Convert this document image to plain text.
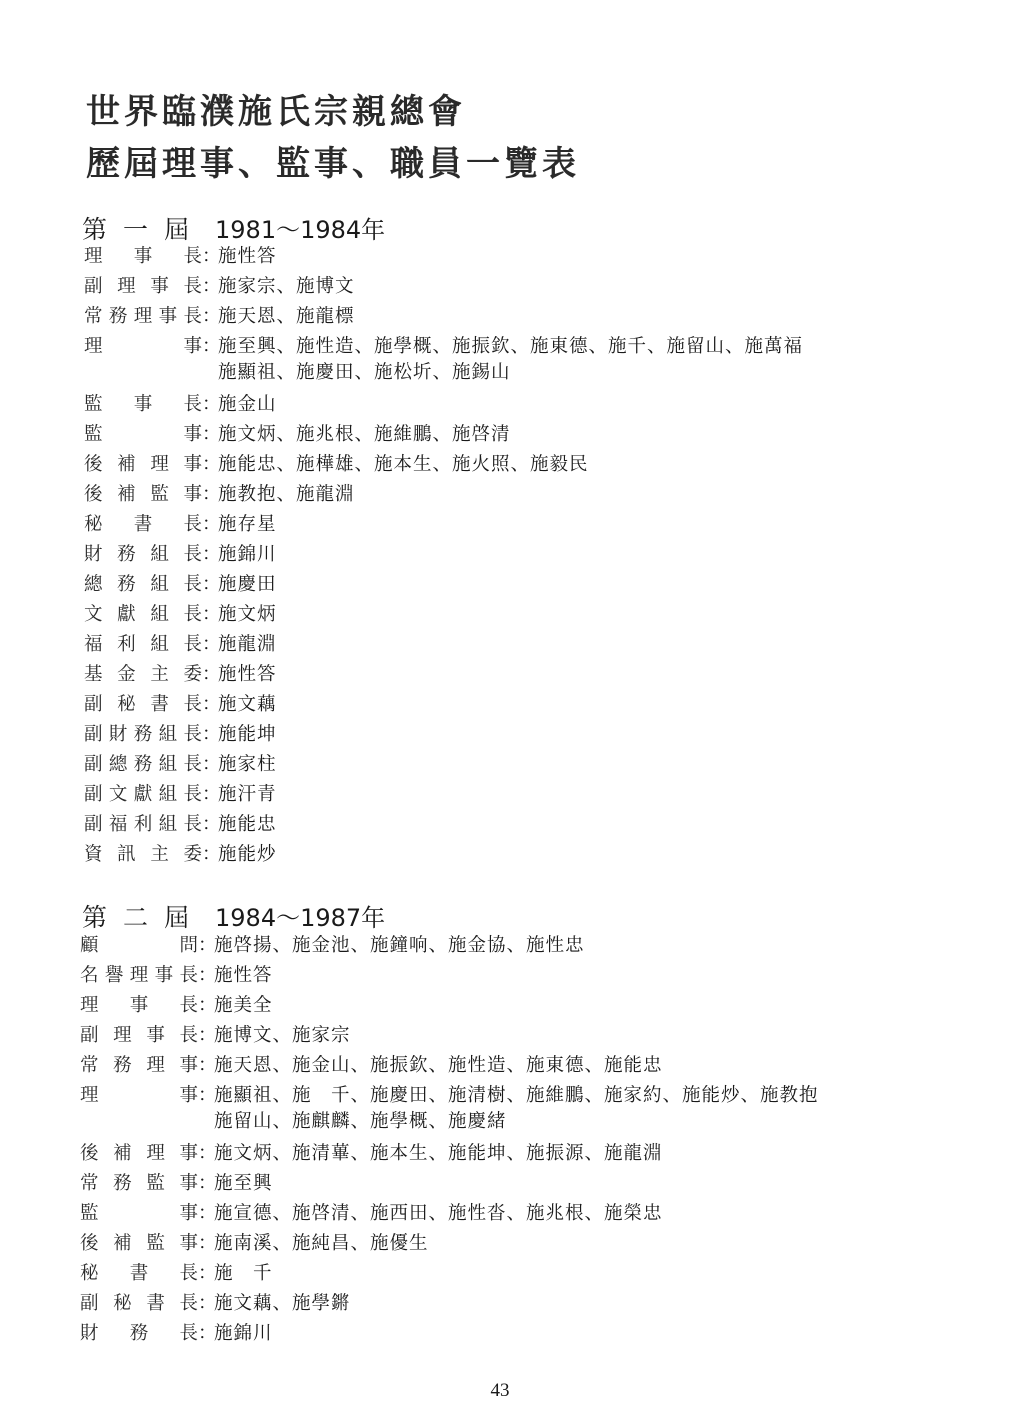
世界臨濮施氏宗親總會
歷屆理事、監事、職員一覽表
第一屆 1981～1984年
理事長：施性答
副理事長：施家宗、施博文
常務理事長：施天恩、施龍標
理事：施至興、施性造、施學概、施振欽、施東德、施千、施留山、施萬福
施顯祖、施慶田、施松圻、施錫山
監事長：施金山
監事：施文炳、施兆根、施維鵬、施啓清
後補理事：施能忠、施樺雄、施本生、施火照、施毅民
後補監事：施教抱、施龍淵
秘書長：施存星
財務組長：施錦川
總務組長：施慶田
文獻組長：施文炳
福利組長：施龍淵
基金主委：施性答
副秘書長：施文藕
副財務組長：施能坤
副總務組長：施家柱
副文獻組長：施汗青
副福利組長：施能忠
資訊主委：施能炒
第二屆 1984～1987年
顧問：施啓揚、施金池、施鐘响、施金協、施性忠
名譽理事長：施性答
理事長：施美全
副理事長：施博文、施家宗
常務理事：施天恩、施金山、施振欽、施性造、施東德、施能忠
理事：施顯祖、施　千、施慶田、施清樹、施維鵬、施家約、施能炒、施教抱
施留山、施麒麟、施學概、施慶緒
後補理事：施文炳、施清蓽、施本生、施能坤、施振源、施龍淵
常務監事：施至興
監事：施宣德、施啓清、施西田、施性沓、施兆根、施榮忠
後補監事：施南溪、施純昌、施優生
秘書長：施　千
副秘書長：施文藕、施學鏘
財務長：施錦川
43
